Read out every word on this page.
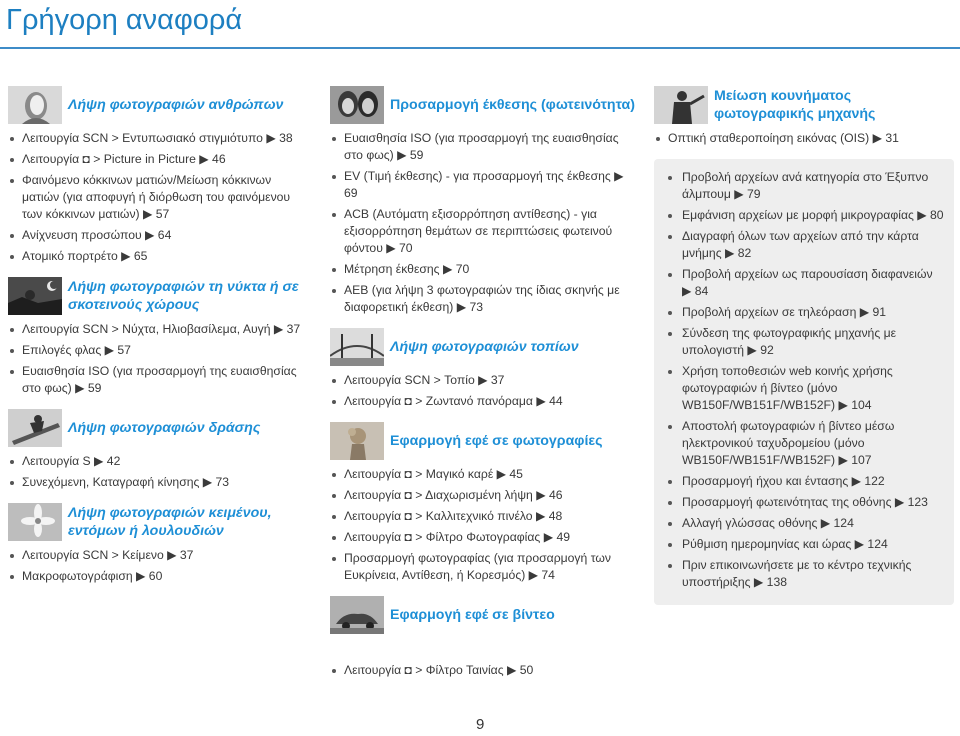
Γρήγορη αναφορά
Λήψη φωτογραφιών ανθρώπων
Λειτουργία SCN > Εντυπωσιακό στιγμιότυπο ▶ 38
Λειτουργία ◘ > Picture in Picture ▶ 46
Φαινόμενο κόκκινων ματιών/Μείωση κόκκινων ματιών (για αποφυγή ή διόρθωση του φαινόμενου των κόκκινων ματιών) ▶ 57
Ανίχνευση προσώπου ▶ 64
Ατομικό πορτρέτο ▶ 65
Λήψη φωτογραφιών τη νύκτα ή σε σκοτεινούς χώρους
Λειτουργία SCN > Νύχτα, Ηλιοβασίλεμα, Αυγή ▶ 37
Επιλογές φλας ▶ 57
Ευαισθησία ISO (για προσαρμογή της ευαισθησίας στο φως) ▶ 59
Λήψη φωτογραφιών δράσης
Λειτουργία S ▶ 42
Συνεχόμενη, Καταγραφή κίνησης ▶ 73
Λήψη φωτογραφιών κειμένου, εντόμων ή λουλουδιών
Λειτουργία SCN > Κείμενο ▶ 37
Μακροφωτογράφιση ▶ 60
Προσαρμογή έκθεσης (φωτεινότητα)
Ευαισθησία ISO (για προσαρμογή της ευαισθησίας στο φως) ▶ 59
EV (Τιμή έκθεσης) - για προσαρμογή της έκθεσης ▶ 69
ACB (Αυτόματη εξισορρόπηση αντίθεσης) - για εξισορρόπηση θεμάτων σε περιπτώσεις φωτεινού φόντου ▶ 70
Μέτρηση έκθεσης ▶ 70
AEB (για λήψη 3 φωτογραφιών της ίδιας σκηνής με διαφορετική έκθεση) ▶ 73
Λήψη φωτογραφιών τοπίων
Λειτουργία SCN > Τοπίο ▶ 37
Λειτουργία ◘ > Ζωντανό πανόραμα ▶ 44
Εφαρμογή εφέ σε φωτογραφίες
Λειτουργία ◘ > Μαγικό καρέ ▶ 45
Λειτουργία ◘ > Διαχωρισμένη λήψη ▶ 46
Λειτουργία ◘ > Καλλιτεχνικό πινέλο ▶ 48
Λειτουργία ◘ > Φίλτρο Φωτογραφίας ▶ 49
Προσαρμογή φωτογραφίας (για προσαρμογή των Ευκρίνεια, Αντίθεση, ή Κορεσμός) ▶ 74
Εφαρμογή εφέ σε βίντεο
Λειτουργία ◘ > Φίλτρο Ταινίας ▶ 50
Μείωση κουνήματος φωτογραφικής μηχανής
Οπτική σταθεροποίηση εικόνας (OIS) ▶ 31
Προβολή αρχείων ανά κατηγορία στο Έξυπνο άλμπουμ ▶ 79
Εμφάνιση αρχείων με μορφή μικρογραφίας ▶ 80
Διαγραφή όλων των αρχείων από την κάρτα μνήμης ▶ 82
Προβολή αρχείων ως παρουσίαση διαφανειών ▶ 84
Προβολή αρχείων σε τηλεόραση ▶ 91
Σύνδεση της φωτογραφικής μηχανής με υπολογιστή ▶ 92
Χρήση τοποθεσιών web κοινής χρήσης φωτογραφιών ή βίντεο (μόνο WB150F/WB151F/WB152F) ▶ 104
Αποστολή φωτογραφιών ή βίντεο μέσω ηλεκτρονικού ταχυδρομείου (μόνο WB150F/WB151F/WB152F) ▶ 107
Προσαρμογή ήχου και έντασης ▶ 122
Προσαρμογή φωτεινότητας της οθόνης ▶ 123
Αλλαγή γλώσσας οθόνης ▶ 124
Ρύθμιση ημερομηνίας και ώρας ▶ 124
Πριν επικοινωνήσετε με το κέντρο τεχνικής υποστήριξης ▶ 138
9
